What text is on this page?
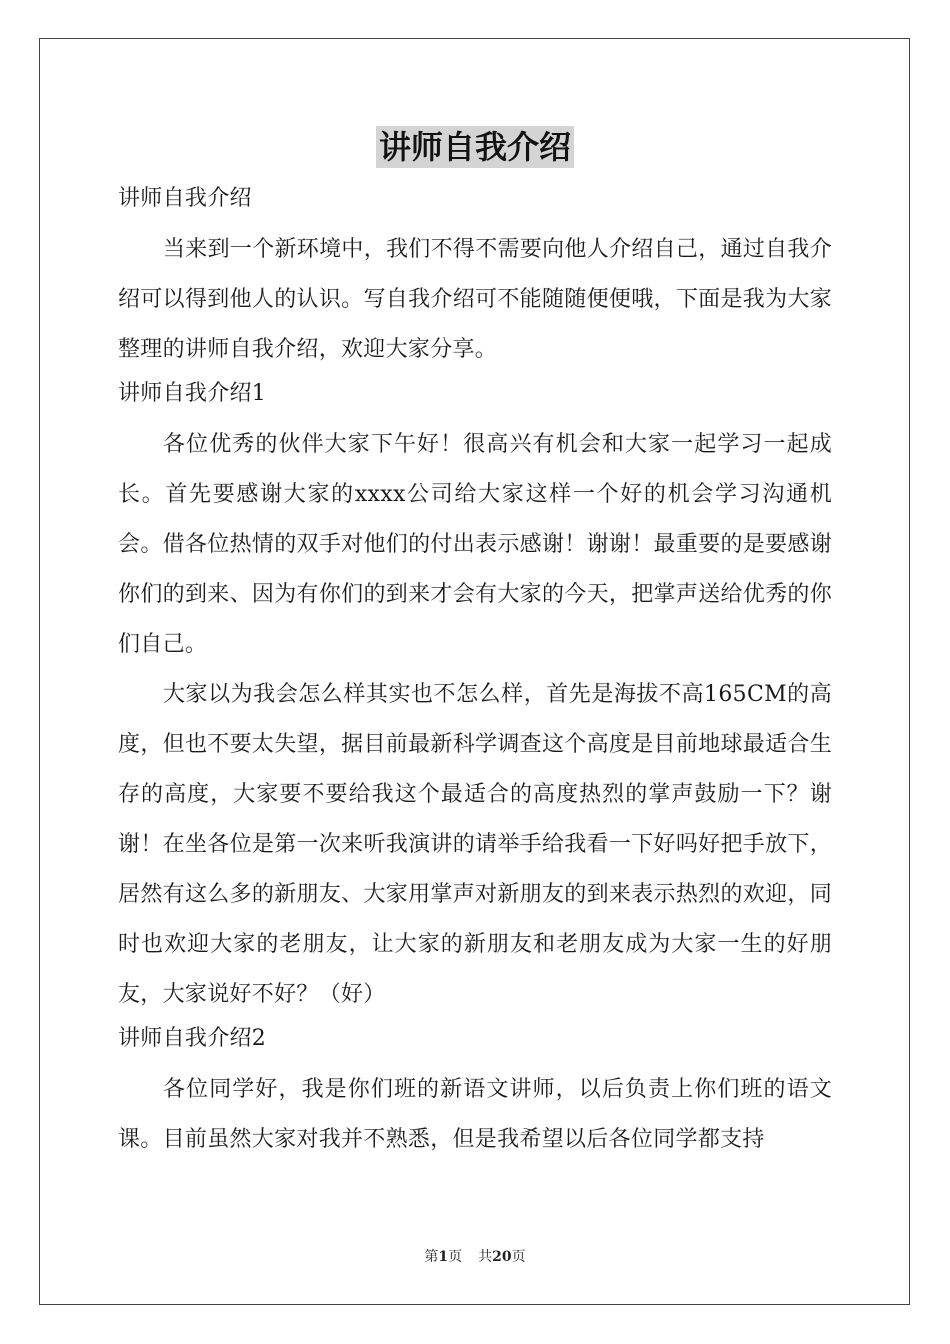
讲师自我介绍

讲师自我介绍

当来到一个新环境中，我们不得不需要向他人介绍自己，通过自我介绍可以得到他人的认识。写自我介绍可不能随随便便哦，下面是我为大家整理的讲师自我介绍，欢迎大家分享。

讲师自我介绍1

各位优秀的伙伴大家下午好！很高兴有机会和大家一起学习一起成长。首先要感谢大家的xxxx公司给大家这样一个好的机会学习沟通机会。借各位热情的双手对他们的付出表示感谢！谢谢！最重要的是要感谢你们的到来、因为有你们的到来才会有大家的今天，把掌声送给优秀的你们自己。

大家以为我会怎么样其实也不怎么样，首先是海拔不高165CM的高度，但也不要太失望，据目前最新科学调查这个高度是目前地球最适合生存的高度，大家要不要给我这个最适合的高度热烈的掌声鼓励一下？谢谢！在坐各位是第一次来听我演讲的请举手给我看一下好吗好把手放下，居然有这么多的新朋友、大家用掌声对新朋友的到来表示热烈的欢迎，同时也欢迎大家的老朋友，让大家的新朋友和老朋友成为大家一生的好朋友，大家说好不好？（好）

讲师自我介绍2

各位同学好，我是你们班的新语文讲师，以后负责上你们班的语文课。目前虽然大家对我并不熟悉，但是我希望以后各位同学都支持

第1页 共20页
